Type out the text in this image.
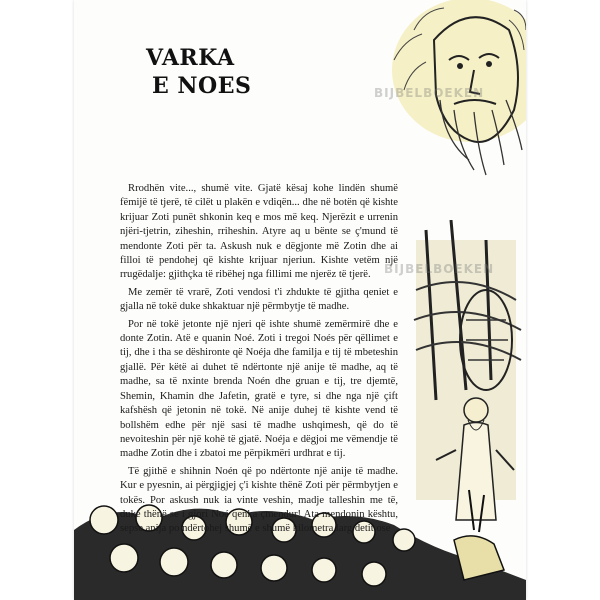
BIJBELBOEKEN
BIJBELBOEKEN
VARKA
E NOES

Rrodhën vite..., shumë vite. Gjatë kësaj kohe lindën shumë fëmijë të tjerë, të cilët u plakën e vdiqën... dhe në botën që kishte krijuar Zoti punët shkonin keq e mos më keq. Njerëzit e urrenin njëri-tjetrin, ziheshin, rriheshin. Atyre aq u bënte se ç'mund të mendonte Zoti për ta. Askush nuk e dëgjonte më Zotin dhe ai filloi të pendohej që kishte krijuar njeriun. Kishte vetëm një rrugëdalje: gjithçka të ribëhej nga fillimi me njerëz të tjerë.

Me zemër të vrarë, Zoti vendosi t'i zhdukte të gjitha qeniet e gjalla në tokë duke shkaktuar një përmbytje të madhe.

Por në tokë jetonte një njeri që ishte shumë zemërmirë dhe e donte Zotin. Atë e quanin Noé. Zoti i tregoi Noés për qëllimet e tij, dhe i tha se dëshironte që Noéja dhe familja e tij të mbeteshin gjallë. Për këtë ai duhet të ndërtonte një anije të madhe, aq të madhe, sa të nxinte brenda Noén dhe gruan e tij, tre djemtë, Shemin, Khamin dhe Jafetin, gratë e tyre, si dhe nga një çift kafshësh që jetonin në tokë. Në anije duhej të kishte vend të bollshëm edhe për një sasi të madhe ushqimesh, që do të nevoiteshin për një kohë të gjatë. Noéja e dëgjoi me vëmendje të madhe Zotin dhe i zbatoi me përpikmëri urdhrat e tij.

Të gjithë e shihnin Noén që po ndërtonte një anije të madhe. Kur e pyesnin, ai përgjigjej ç'i kishte thënë Zoti për përmbytjen e tokës. Por askush nuk ia vinte veshin, madje talleshin me të, duke thënë se i gjori Noé qenka çmendur! Ata mendonin kështu, sepse anija po ndërtohej shumë e shumë kilometra larg detit ose
